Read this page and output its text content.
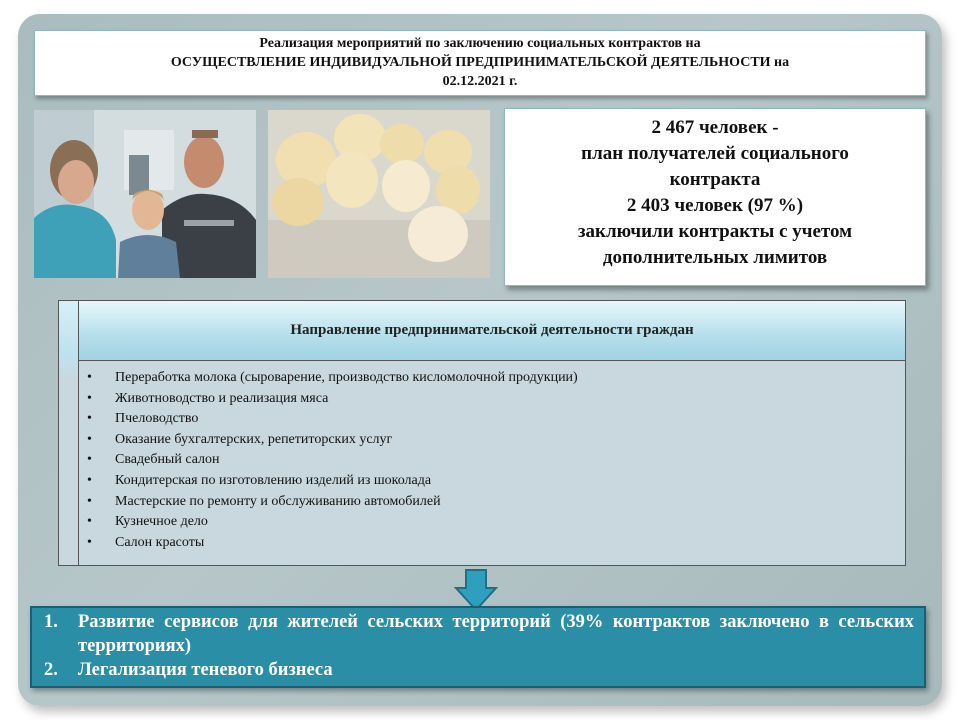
Реализация мероприятий по заключению социальных контрактов на
ОСУЩЕСТВЛЕНИЕ ИНДИВИДУАЛЬНОЙ ПРЕДПРИНИМАТЕЛЬСКОЙ ДЕЯТЕЛЬНОСТИ на
02.12.2021 г.
2 467 человек -
план получателей социального
контракта
2 403 человек (97 %)
заключили контракты с учетом
дополнительных лимитов
Направление предпринимательской деятельности граждан
•	Переработка молока (сыроварение, производство кисломолочной продукции)
•	Животноводство и реализация мяса
•	Пчеловодство
•	Оказание бухгалтерских, репетиторских услуг
•	Свадебный салон
•	Кондитерская по изготовлению изделий из шоколада
•	Мастерские по ремонту и обслуживанию автомобилей
•	Кузнечное дело
•	Салон красоты
1.	Развитие сервисов для жителей сельских территорий (39% контрактов заключено в сельских территориях)
2.	Легализация теневого бизнеса
